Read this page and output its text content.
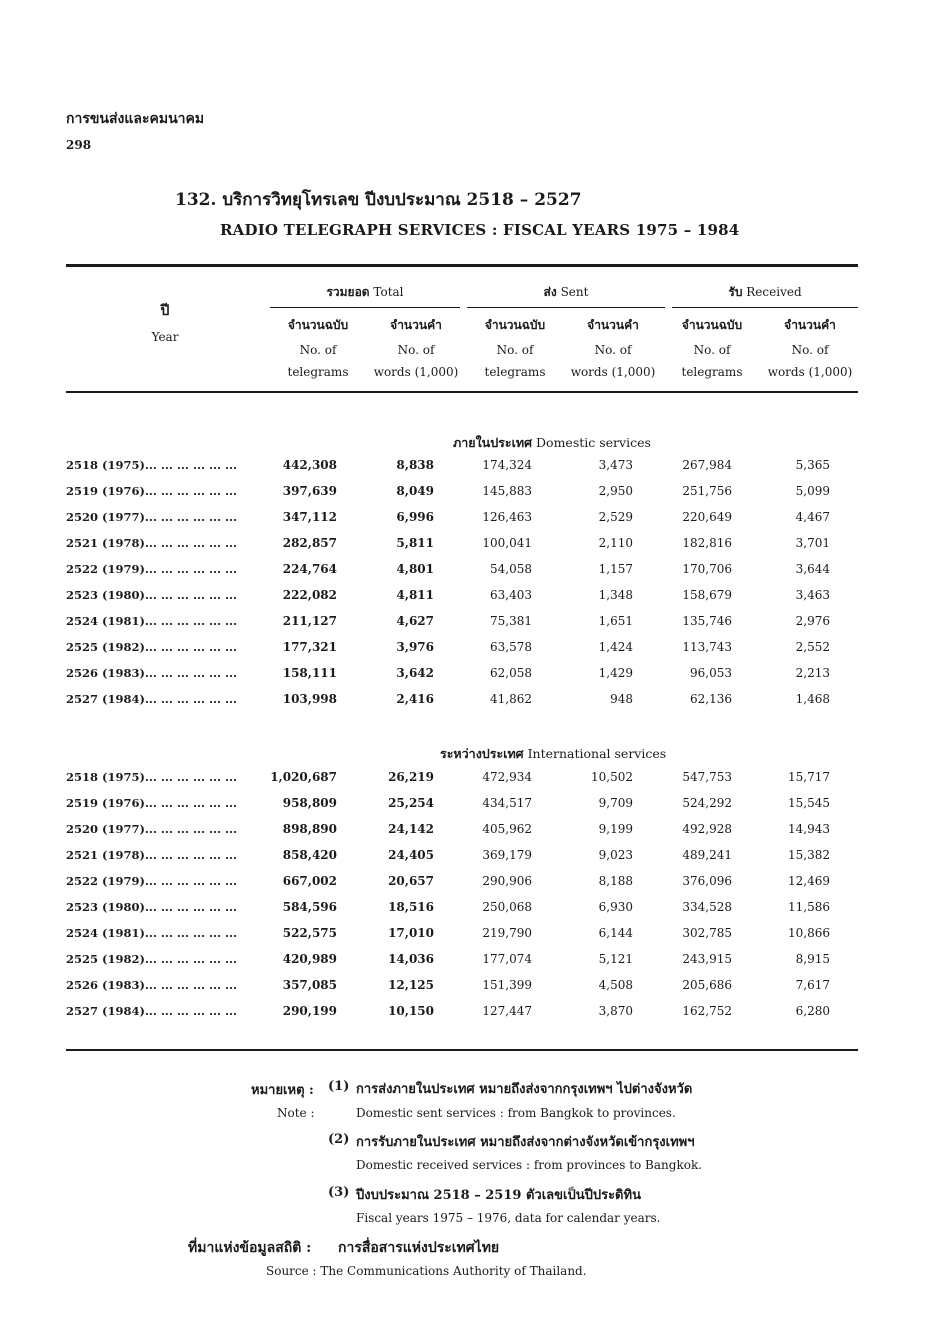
การขนส่งและคมนาคม
298
132. บริการวิทยุโทรเลข ปีงบประมาณ 2518 – 2527
RADIO TELEGRAPH SERVICES : FISCAL YEARS 1975 – 1984
ปี
Year
รวมยอด Total	ส่ง Sent	รับ Received
จำนวนฉบับ
No. of
telegrams
จำนวนคำ
No. of
words (1,000)
จำนวนฉบับ
No. of
telegrams
จำนวนคำ
No. of
words (1,000)
จำนวนฉบับ
No. of
telegrams
จำนวนคำ
No. of
words (1,000)
ภายในประเทศ Domestic services
ระหว่างประเทศ International services
2518 (1975)... ... ... ... ... ...	442,308	8,838	174,324	3,473	267,984	5,365
2519 (1976)... ... ... ... ... ...	397,639	8,049	145,883	2,950	251,756	5,099
2520 (1977)... ... ... ... ... ...	347,112	6,996	126,463	2,529	220,649	4,467
2521 (1978)... ... ... ... ... ...	282,857	5,811	100,041	2,110	182,816	3,701
2522 (1979)... ... ... ... ... ...	224,764	4,801	54,058	1,157	170,706	3,644
2523 (1980)... ... ... ... ... ...	222,082	4,811	63,403	1,348	158,679	3,463
2524 (1981)... ... ... ... ... ...	211,127	4,627	75,381	1,651	135,746	2,976
2525 (1982)... ... ... ... ... ...	177,321	3,976	63,578	1,424	113,743	2,552
2526 (1983)... ... ... ... ... ...	158,111	3,642	62,058	1,429	96,053	2,213
2527 (1984)... ... ... ... ... ...	103,998	2,416	41,862	948	62,136	1,468
2518 (1975)... ... ... ... ... ...	1,020,687	26,219	472,934	10,502	547,753	15,717
2519 (1976)... ... ... ... ... ...	958,809	25,254	434,517	9,709	524,292	15,545
2520 (1977)... ... ... ... ... ...	898,890	24,142	405,962	9,199	492,928	14,943
2521 (1978)... ... ... ... ... ...	858,420	24,405	369,179	9,023	489,241	15,382
2522 (1979)... ... ... ... ... ...	667,002	20,657	290,906	8,188	376,096	12,469
2523 (1980)... ... ... ... ... ...	584,596	18,516	250,068	6,930	334,528	11,586
2524 (1981)... ... ... ... ... ...	522,575	17,010	219,790	6,144	302,785	10,866
2525 (1982)... ... ... ... ... ...	420,989	14,036	177,074	5,121	243,915	8,915
2526 (1983)... ... ... ... ... ...	357,085	12,125	151,399	4,508	205,686	7,617
2527 (1984)... ... ... ... ... ...	290,199	10,150	127,447	3,870	162,752	6,280
หมายเหตุ : (1) การส่งภายในประเทศ หมายถึงส่งจากกรุงเทพฯ ไปต่างจังหวัด
Note :	Domestic sent services : from Bangkok to provinces.
(2) การรับภายในประเทศ หมายถึงส่งจากต่างจังหวัดเข้ากรุงเทพฯ
Domestic received services : from provinces to Bangkok.
(3) ปีงบประมาณ 2518 – 2519 ตัวเลขเป็นปีประดิทิน
Fiscal years 1975 – 1976, data for calendar years.
ที่มาแห่งข้อมูลสถิติ : การสื่อสารแห่งประเทศไทย
Source : The Communications Authority of Thailand.
